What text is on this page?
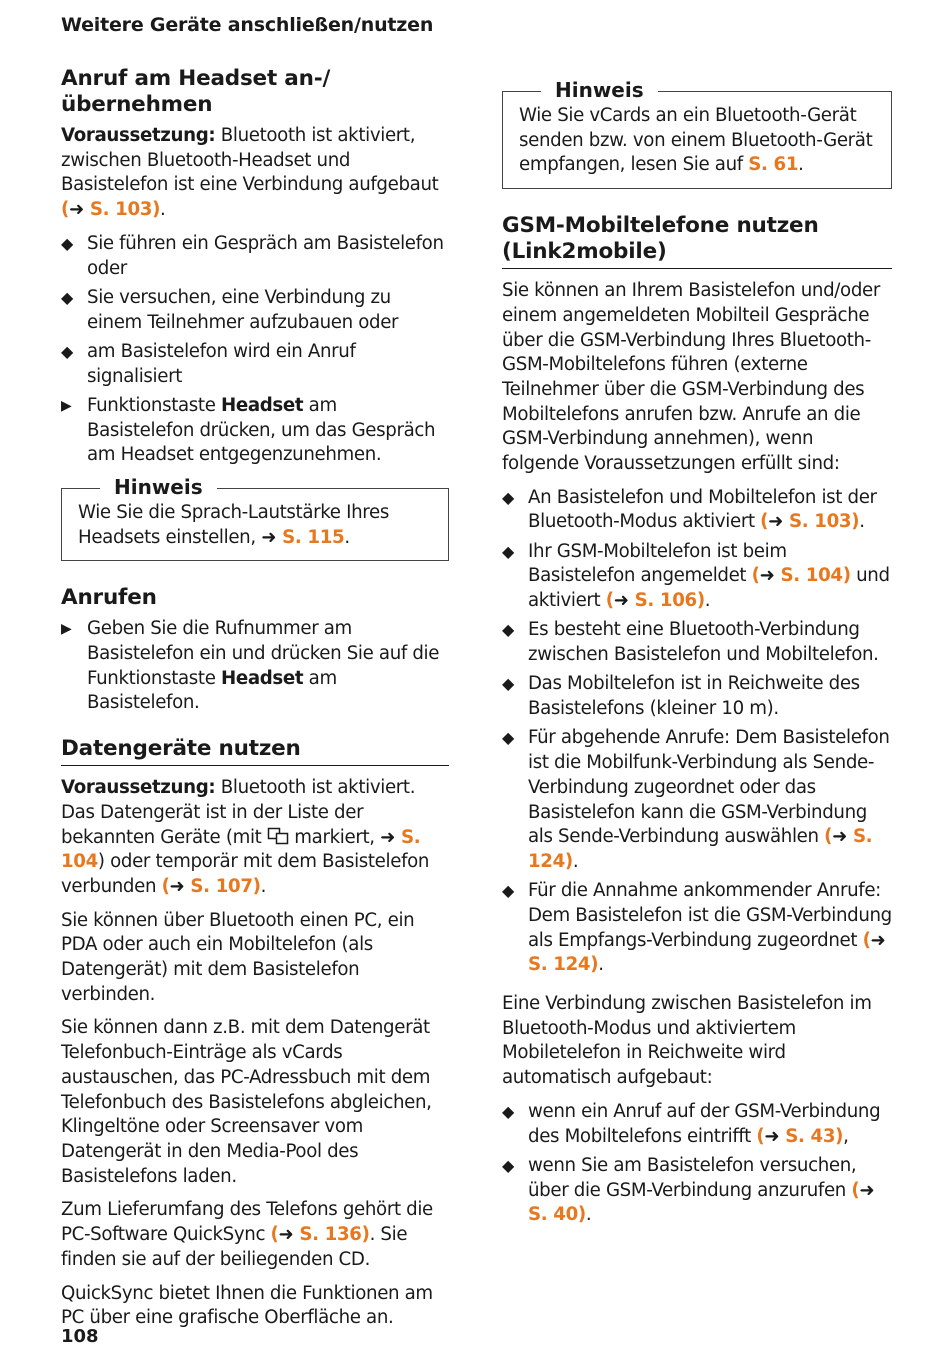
Weitere Geräte anschließen/nutzen
Anruf am Headset an-/übernehmen

Voraussetzung: Bluetooth ist aktiviert, zwischen Bluetooth-Headset und Basistelefon ist eine Verbindung aufgebaut (➜ S. 103).

◆ Sie führen ein Gespräch am Basistelefon oder
◆ Sie versuchen, eine Verbindung zu einem Teilnehmer aufzubauen oder
◆ am Basistelefon wird ein Anruf signalisiert
▶ Funktionstaste Headset am Basistelefon drücken, um das Gespräch am Headset entgegenzunehmen.
Hinweis

Wie Sie die Sprach-Lautstärke Ihres Headsets einstellen, ➜ S. 115.

Anrufen
▶ Geben Sie die Rufnummer am Basistelefon ein und drücken Sie auf die Funktionstaste Headset am Basistelefon.
Datengeräte nutzen

Voraussetzung: Bluetooth ist aktiviert. Das Datengerät ist in der Liste der bekannten Geräte (mit  markiert, ➜ S. 104) oder temporär mit dem Basistelefon verbunden (➜ S. 107).

Sie können über Bluetooth einen PC, ein PDA oder auch ein Mobiltelefon (als Datengerät) mit dem Basistelefon verbinden.

Sie können dann z.B. mit dem Datengerät Telefonbuch-Einträge als vCards austauschen, das PC-Adressbuch mit dem Telefonbuch des Basistelefons abgleichen, Klingeltöne oder Screensaver vom Datengerät in den Media-Pool des Basistelefons laden.

Zum Lieferumfang des Telefons gehört die PC-Software QuickSync (➜ S. 136). Sie finden sie auf der beiliegenden CD.

QuickSync bietet Ihnen die Funktionen am PC über eine grafische Oberfläche an.

Hinweis

Wie Sie vCards an ein Bluetooth-Gerät senden bzw. von einem Bluetooth-Gerät empfangen, lesen Sie auf S. 61.

GSM-Mobiltelefone nutzen (Link2mobile)

Sie können an Ihrem Basistelefon und/oder einem angemeldeten Mobilteil Gespräche über die GSM-Verbindung Ihres Bluetooth-GSM-Mobiltelefons führen (externe Teilnehmer über die GSM-Verbindung des Mobiltelefons anrufen bzw. Anrufe an die GSM-Verbindung annehmen), wenn folgende Voraussetzungen erfüllt sind:

◆ An Basistelefon und Mobiltelefon ist der Bluetooth-Modus aktiviert (➜ S. 103).
◆ Ihr GSM-Mobiltelefon ist beim Basistelefon angemeldet (➜ S. 104) und aktiviert (➜ S. 106).
◆ Es besteht eine Bluetooth-Verbindung zwischen Basistelefon und Mobiltelefon.
◆ Das Mobiltelefon ist in Reichweite des Basistelefons (kleiner 10 m).
◆ Für abgehende Anrufe: Dem Basistelefon ist die Mobilfunk-Verbindung als Sende-Verbindung zugeordnet oder das Basistelefon kann die GSM-Verbindung als Sende-Verbindung auswählen (➜ S. 124).
◆ Für die Annahme ankommender Anrufe: Dem Basistelefon ist die GSM-Verbindung als Empfangs-Verbindung zugeordnet (➜ S. 124).

Eine Verbindung zwischen Basistelefon im Bluetooth-Modus und aktiviertem Mobiletelefon in Reichweite wird automatisch aufgebaut:

◆ wenn ein Anruf auf der GSM-Verbindung des Mobiltelefons eintrifft (➜ S. 43),
◆ wenn Sie am Basistelefon versuchen, über die GSM-Verbindung anzurufen (➜ S. 40).
108
